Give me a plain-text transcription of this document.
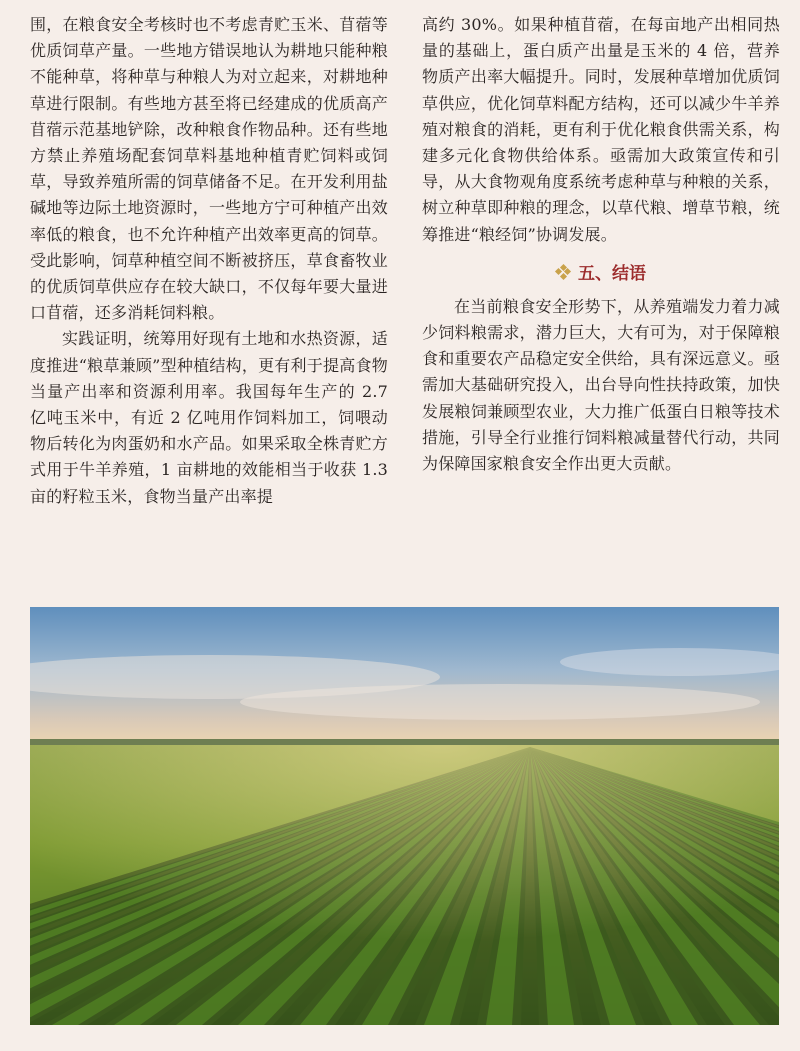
围，在粮食安全考核时也不考虑青贮玉米、苜蓿等优质饲草产量。一些地方错误地认为耕地只能种粮不能种草，将种草与种粮人为对立起来，对耕地种草进行限制。有些地方甚至将已经建成的优质高产苜蓿示范基地铲除，改种粮食作物品种。还有些地方禁止养殖场配套饲草料基地种植青贮饲料或饲草，导致养殖所需的饲草储备不足。在开发利用盐碱地等边际土地资源时，一些地方宁可种植产出效率低的粮食，也不允许种植产出效率更高的饲草。受此影响，饲草种植空间不断被挤压，草食畜牧业的优质饲草供应存在较大缺口，不仅每年要大量进口苜蓿，还多消耗饲料粮。

实践证明，统筹用好现有土地和水热资源，适度推进“粮草兼顾”型种植结构，更有利于提高食物当量产出率和资源利用率。我国每年生产的 2.7 亿吨玉米中，有近 2 亿吨用作饲料加工，饲喂动物后转化为肉蛋奶和水产品。如果采取全株青贮方式用于牛羊养殖，1 亩耕地的效能相当于收获 1.3 亩的籽粒玉米，食物当量产出率提

高约 30%。如果种植苜蓿，在每亩地产出相同热量的基础上，蛋白质产出量是玉米的 4 倍，营养物质产出率大幅提升。同时，发展种草增加优质饲草供应，优化饲草料配方结构，还可以减少牛羊养殖对粮食的消耗，更有利于优化粮食供需关系，构建多元化食物供给体系。亟需加大政策宣传和引导，从大食物观角度系统考虑种草与种粮的关系，树立种草即种粮的理念，以草代粮、增草节粮，统筹推进“粮经饲”协调发展。

五、结语

在当前粮食安全形势下，从养殖端发力着力减少饲料粮需求，潜力巨大，大有可为，对于保障粮食和重要农产品稳定安全供给，具有深远意义。亟需加大基础研究投入，出台导向性扶持政策，加快发展粮饲兼顾型农业，大力推广低蛋白日粮等技术措施，引导全行业推行饲料粮减量替代行动，共同为保障国家粮食安全作出更大贡献。
